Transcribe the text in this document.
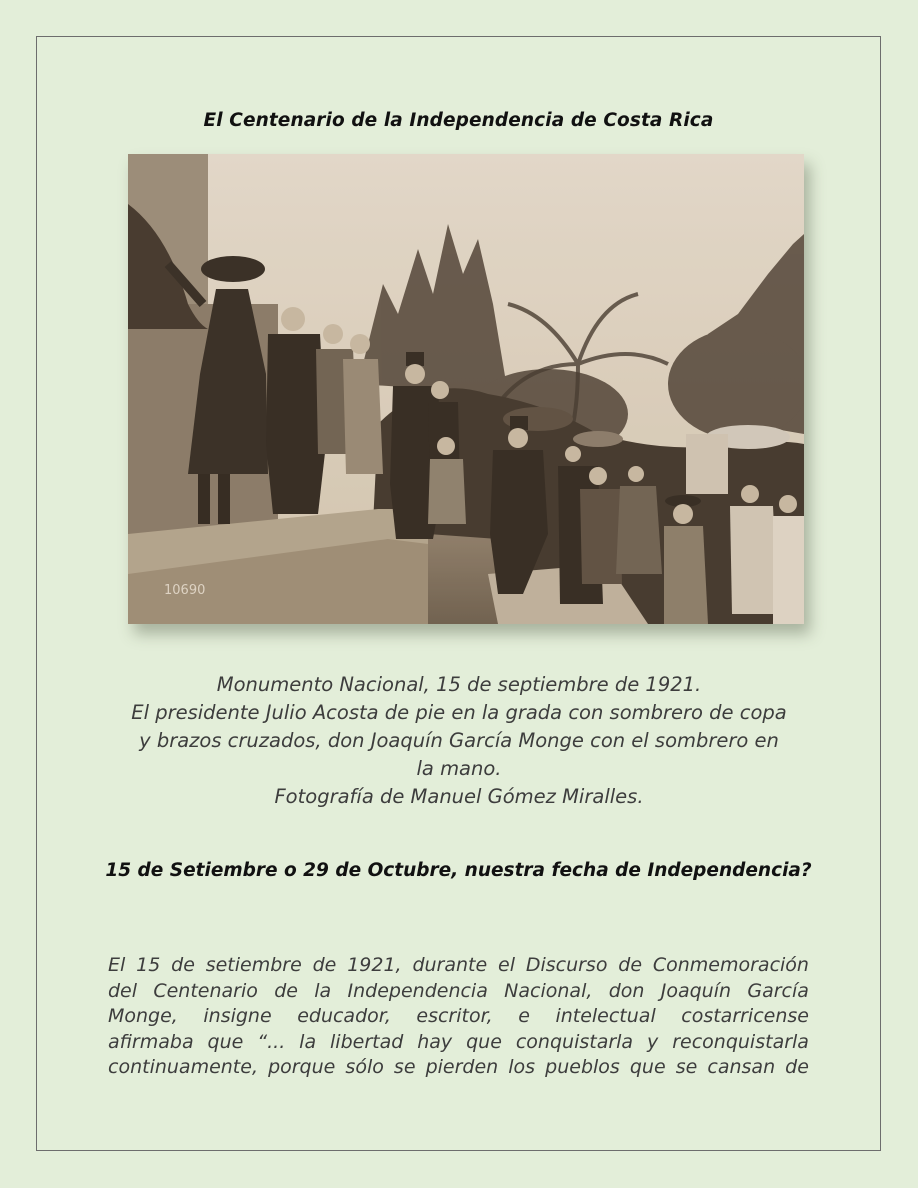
El Centenario de la Independencia de Costa Rica
10690
Monumento Nacional, 15 de septiembre de 1921.
El presidente Julio Acosta de pie en la grada con sombrero de copa
y brazos cruzados, don Joaquín García Monge con el sombrero en
la mano.
Fotografía de Manuel Gómez Miralles.
15 de Setiembre o 29 de Octubre, nuestra fecha de Independencia?
El 15 de setiembre de 1921, durante el Discurso de Conmemoración
del Centenario de la Independencia Nacional, don Joaquín García
Monge, insigne educador, escritor, e intelectual costarricense
afirmaba que “... la libertad hay que conquistarla y reconquistarla
continuamente, porque sólo se pierden los pueblos que se cansan de
